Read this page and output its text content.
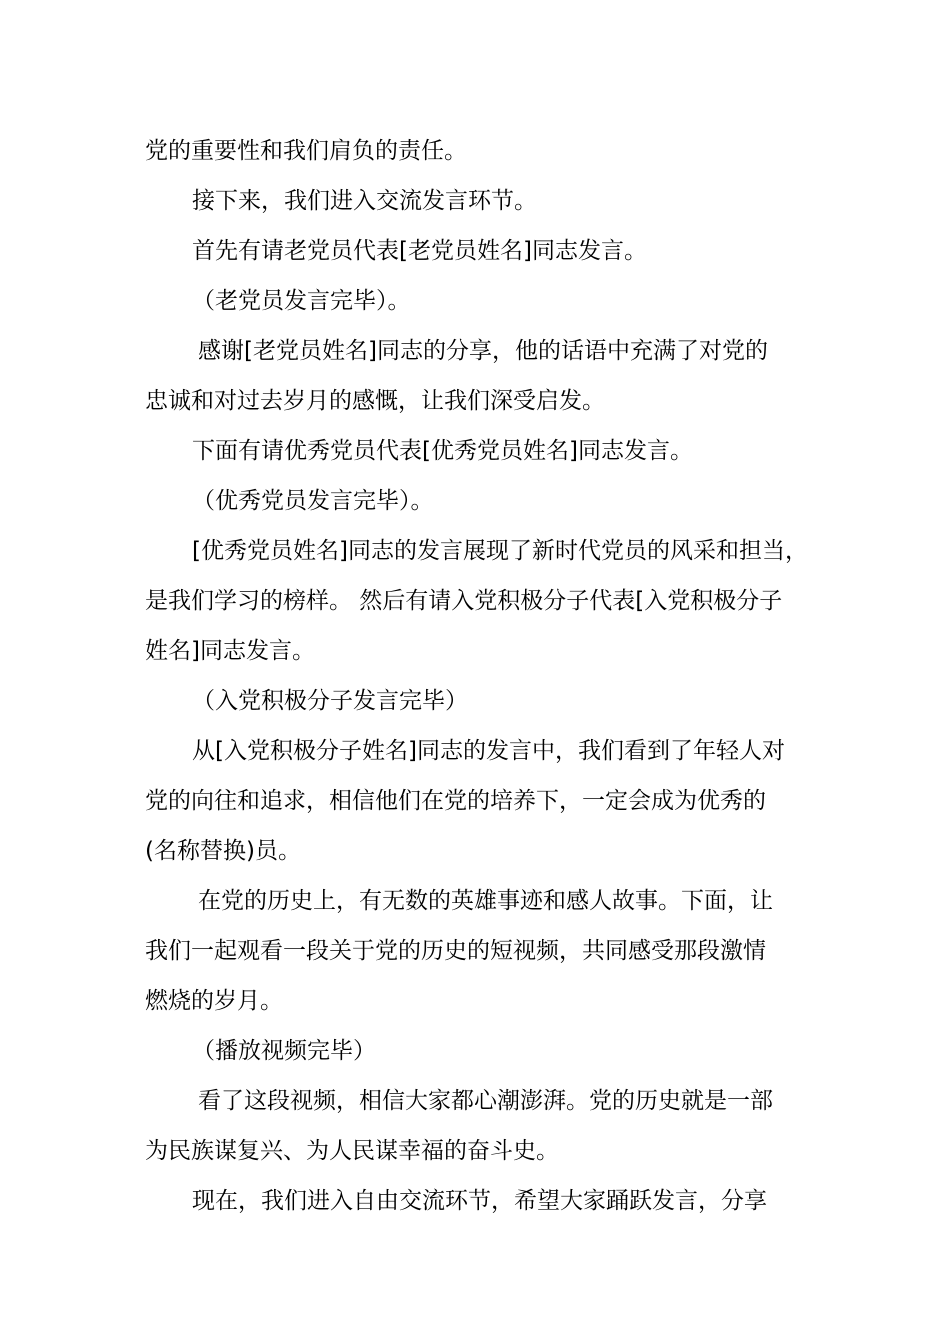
党的重要性和我们肩负的责任。
接下来，我们进入交流发言环节。
首先有请老党员代表[老党员姓名]同志发言。
（老党员发言完毕）。
感谢[老党员姓名]同志的分享，他的话语中充满了对党的
忠诚和对过去岁月的感慨，让我们深受启发。
下面有请优秀党员代表[优秀党员姓名]同志发言。
（优秀党员发言完毕）。
[优秀党员姓名]同志的发言展现了新时代党员的风采和担当，
是我们学习的榜样。 然后有请入党积极分子代表[入党积极分子
姓名]同志发言。
（入党积极分子发言完毕）
从[入党积极分子姓名]同志的发言中，我们看到了年轻人对
党的向往和追求，相信他们在党的培养下，一定会成为优秀的
(名称替换)员。
在党的历史上，有无数的英雄事迹和感人故事。下面，让
我们一起观看一段关于党的历史的短视频，共同感受那段激情
燃烧的岁月。
（播放视频完毕）
看了这段视频，相信大家都心潮澎湃。党的历史就是一部
为民族谋复兴、为人民谋幸福的奋斗史。
现在，我们进入自由交流环节，希望大家踊跃发言，分享
